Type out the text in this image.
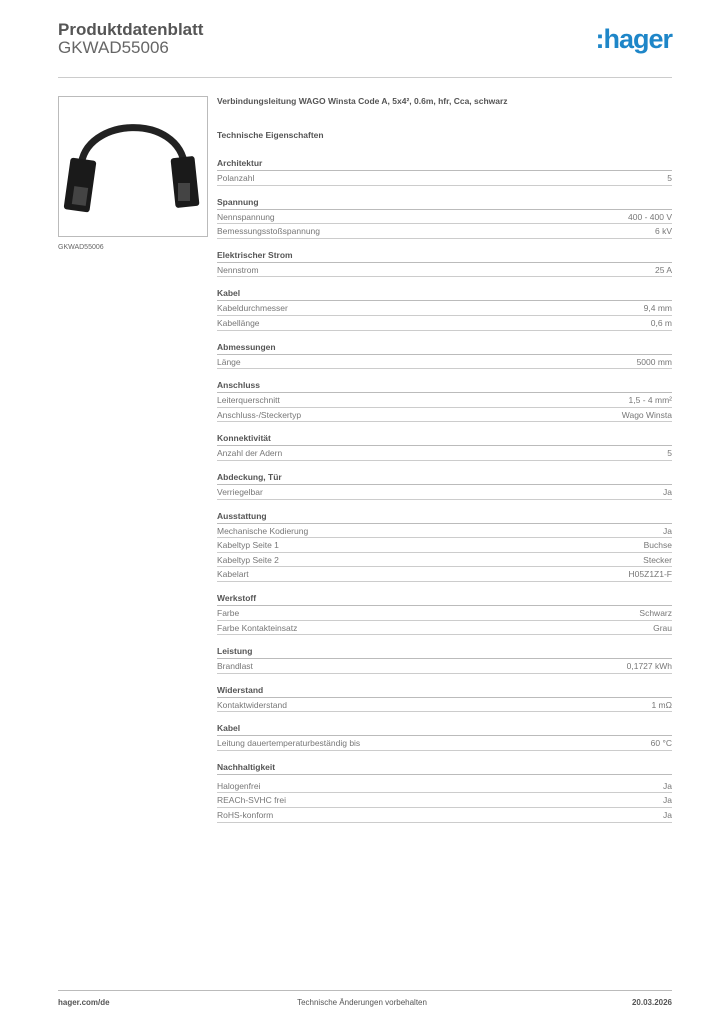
Produktdatenblatt
GKWAD55006	:hager
GKWAD55006
Verbindungsleitung WAGO Winsta Code A, 5x4², 0.6m, hfr, Cca, schwarz
Technische Eigenschaften
Architektur
Polanzahl	5
Spannung
Nennspannung	400 - 400 V
Bemessungsstoßspannung	6 kV
Elektrischer Strom
Nennstrom	25 A
Kabel
Kabeldurchmesser	9,4 mm
Kabellänge	0,6 m
Abmessungen
Länge	5000 mm
Anschluss
Leiterquerschnitt	1,5 - 4 mm²
Anschluss-/Steckertyp	Wago Winsta
Konnektivität
Anzahl der Adern	5
Abdeckung, Tür
Verriegelbar	Ja
Ausstattung
Mechanische Kodierung	Ja
Kabeltyp Seite 1	Buchse
Kabeltyp Seite 2	Stecker
Kabelart	H05Z1Z1-F
Werkstoff
Farbe	Schwarz
Farbe Kontakteinsatz	Grau
Leistung
Brandlast	0,1727 kWh
Widerstand
Kontaktwiderstand	1 mΩ
Kabel
Leitung dauertemperaturbeständig bis	60 °C
Nachhaltigkeit
Halogenfrei	Ja
REACh-SVHC frei	Ja
RoHS-konform	Ja
hager.com/de	Technische Änderungen vorbehalten	20.03.2026
